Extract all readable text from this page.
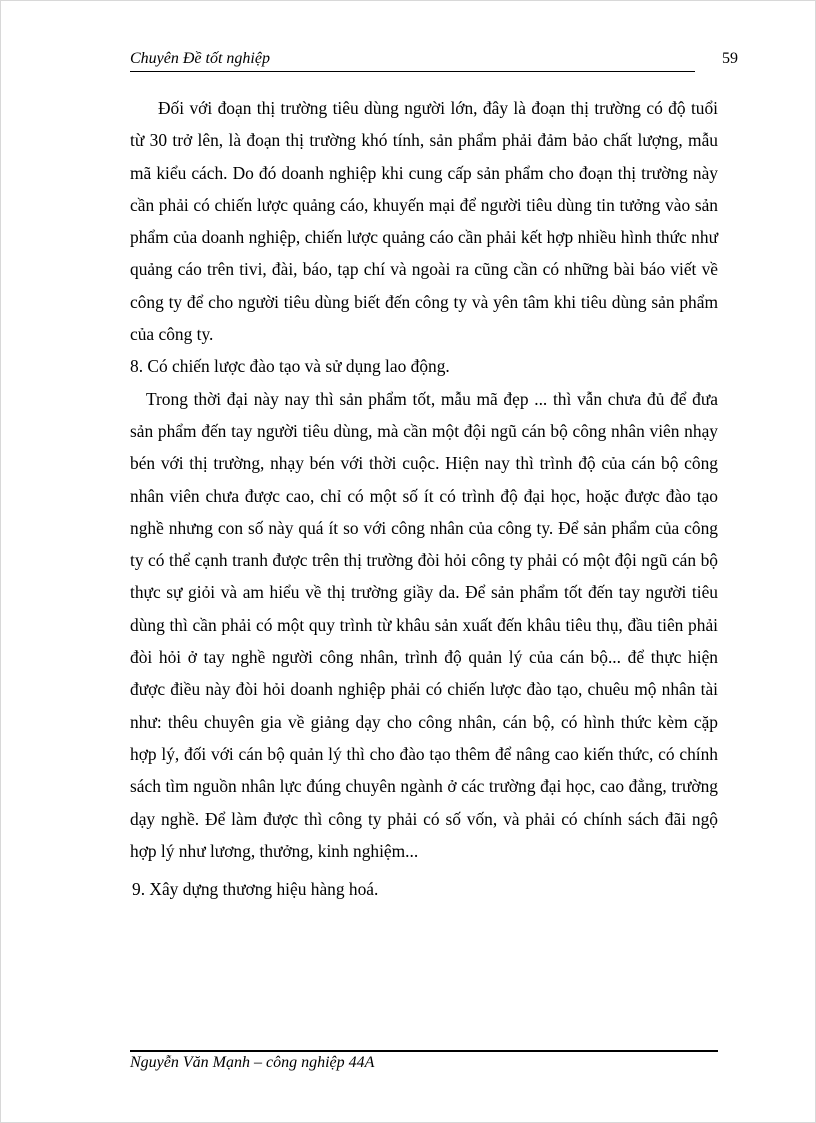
Chuyên Đề tốt nghiệp	59

Đối với đoạn thị trường tiêu dùng người lớn, đây là đoạn thị trường có độ tuổi từ 30 trở lên, là đoạn thị trường khó tính, sản phẩm phải đảm bảo chất lượng, mẫu mã kiểu cách. Do đó doanh nghiệp khi cung cấp sản phẩm cho đoạn thị trường này cần phải có chiến lược quảng cáo, khuyến mại để người tiêu dùng tin tưởng vào sản phẩm của doanh nghiệp, chiến lược quảng cáo cần phải kết hợp nhiều hình thức như quảng cáo trên tivi, đài, báo, tạp chí và ngoài ra cũng cần có những bài báo viết về công ty để cho người tiêu dùng biết đến công ty và yên tâm khi tiêu dùng sản phẩm của công ty.

8. Có chiến lược đào tạo và sử dụng lao động.

Trong thời đại này nay thì sản phẩm tốt, mẫu mã đẹp ... thì vẫn chưa đủ để đưa sản phẩm đến tay người tiêu dùng, mà cần một đội ngũ cán bộ công nhân viên nhạy bén với thị trường, nhạy bén với thời cuộc. Hiện nay thì trình độ của cán bộ công nhân viên chưa được cao, chỉ có một số ít có trình độ đại học, hoặc được đào tạo nghề nhưng con số này quá ít so với công nhân của công ty. Để sản phẩm của công ty có thể cạnh tranh được trên thị trường đòi hỏi công ty phải có một đội ngũ cán bộ thực sự giỏi và am hiểu về thị trường giầy da. Để sản phẩm tốt đến tay người tiêu dùng thì cần phải có một quy trình từ khâu sản xuất đến khâu tiêu thụ, đầu tiên phải đòi hỏi ở tay nghề người công nhân, trình độ quản lý của cán bộ... để thực hiện được điều này đòi hỏi doanh nghiệp phải có chiến lược đào tạo, chuêu mộ nhân tài như: thêu chuyên gia về giảng dạy cho công nhân, cán bộ, có hình thức kèm cặp hợp lý, đối với cán bộ quản lý thì cho đào tạo thêm để nâng cao kiến thức, có chính sách tìm nguồn nhân lực đúng chuyên ngành ở các trường đại học, cao đẳng, trường dạy nghề. Để làm được thì công ty phải có số vốn, và phải có chính sách đãi ngộ hợp lý như lương, thưởng, kinh nghiệm...

9. Xây dựng thương hiệu hàng hoá.

Nguyễn Văn Mạnh – công nghiệp 44A
